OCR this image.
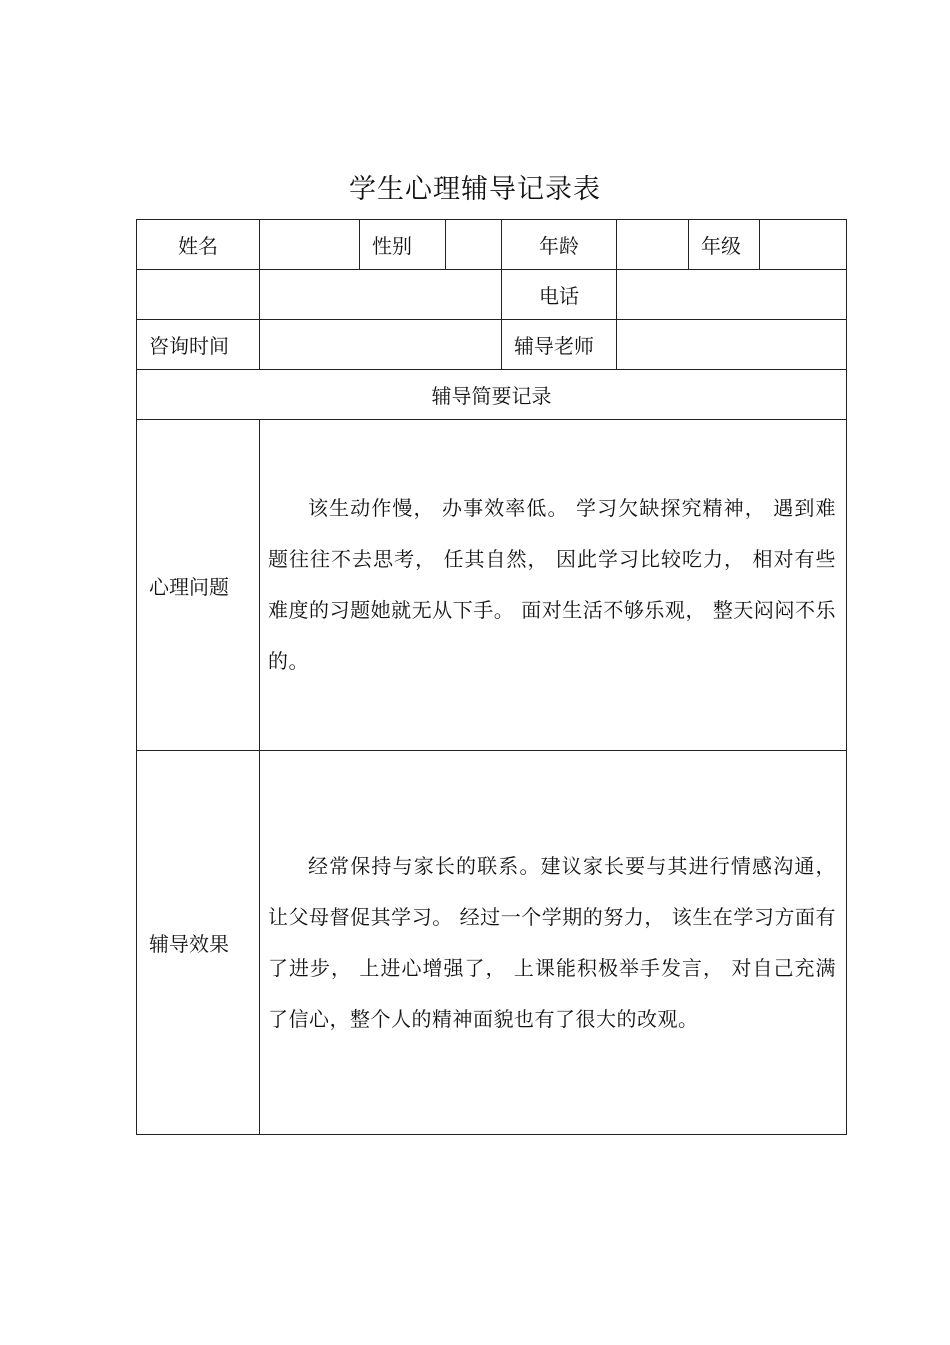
学生心理辅导记录表
姓名		性别		年龄		年级	
				电话			
咨询时间				辅导老师			
辅导简要记录							
心理问题	该生动作慢， 办事效率低。 学习欠缺探究精神， 遇到难题往往不去思考， 任其自然， 因此学习比较吃力， 相对有些难度的习题她就无从下手。 面对生活不够乐观， 整天闷闷不乐的。						
辅导效果	经常保持与家长的联系。建议家长要与其进行情感沟通，让父母督促其学习。 经过一个学期的努力， 该生在学习方面有了进步， 上进心增强了， 上课能积极举手发言， 对自己充满了信心，整个人的精神面貌也有了很大的改观。						
